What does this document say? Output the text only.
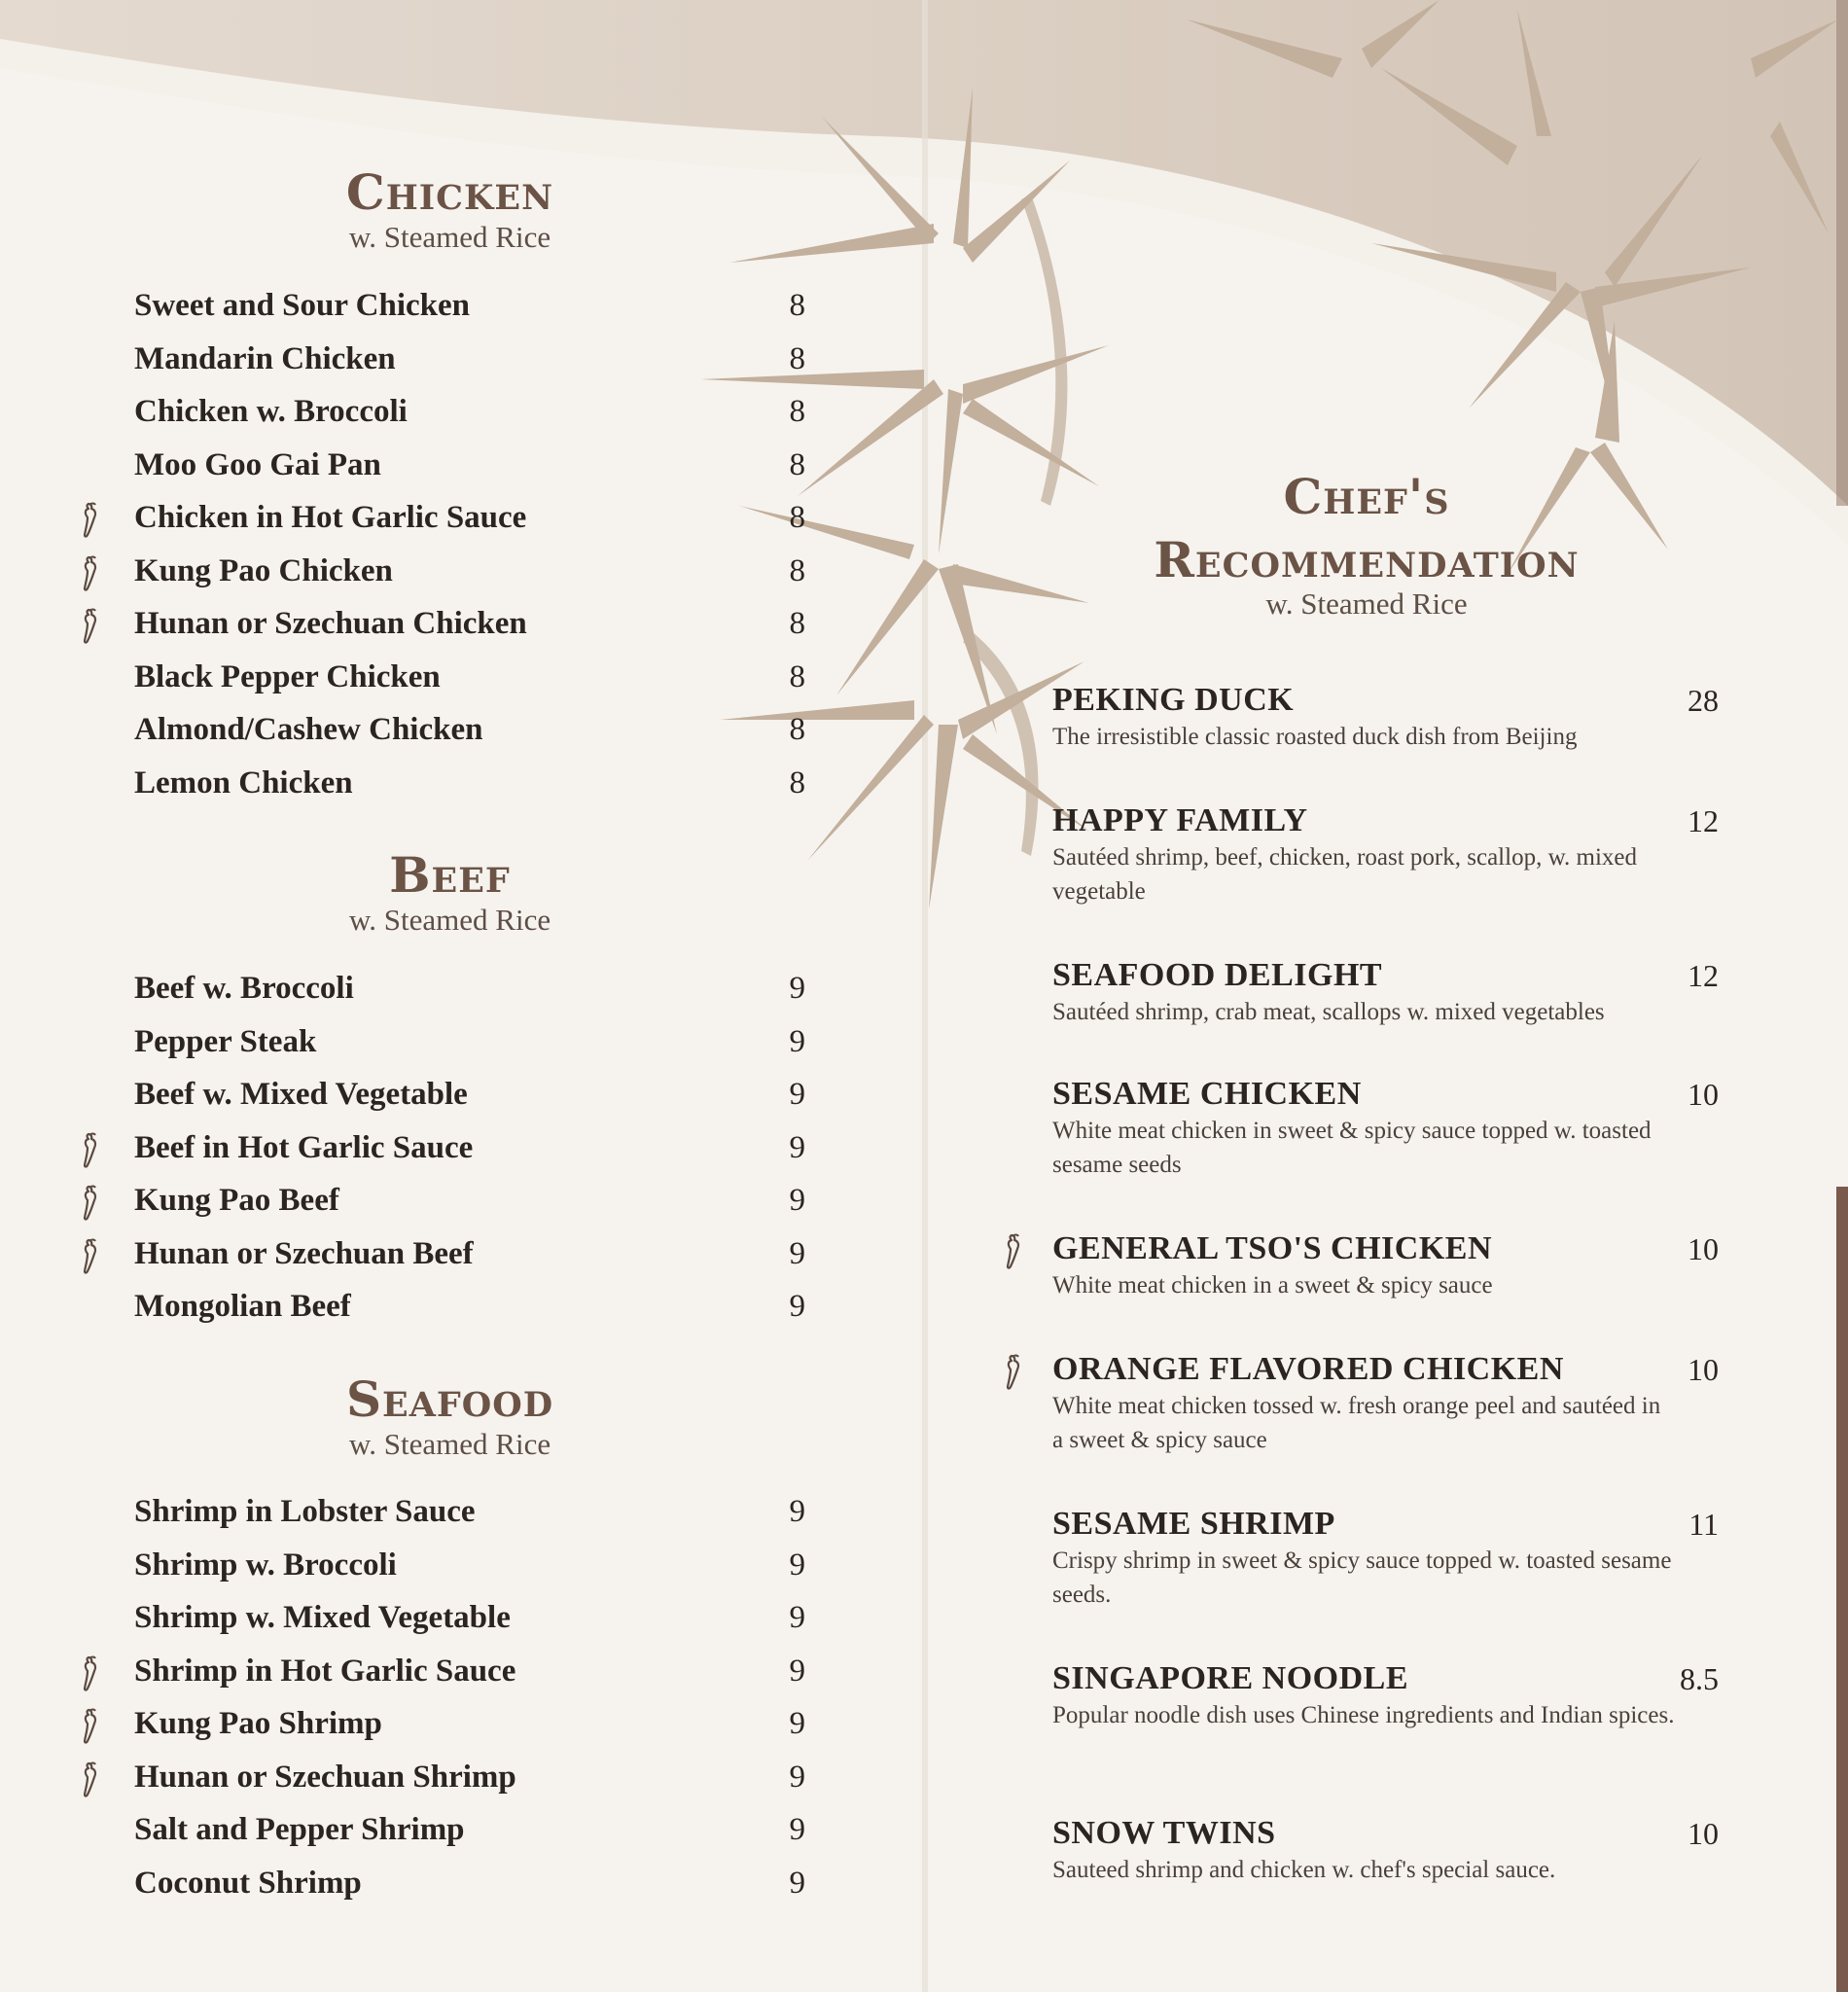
Chicken
w. Steamed Rice
Sweet and Sour Chicken	8
Mandarin Chicken	8
Chicken w. Broccoli	8
Moo Goo Gai Pan	8
Chicken in Hot Garlic Sauce	8
Kung Pao Chicken	8
Hunan or Szechuan Chicken	8
Black Pepper Chicken	8
Almond/Cashew Chicken	8
Lemon Chicken	8
Beef
w. Steamed Rice
Beef w. Broccoli	9
Pepper Steak	9
Beef w. Mixed Vegetable	9
Beef in Hot Garlic Sauce	9
Kung Pao Beef	9
Hunan or Szechuan Beef	9
Mongolian Beef	9
Seafood
w. Steamed Rice
Shrimp in Lobster Sauce	9
Shrimp w. Broccoli	9
Shrimp w. Mixed Vegetable	9
Shrimp in Hot Garlic Sauce	9
Kung Pao Shrimp	9
Hunan or Szechuan Shrimp	9
Salt and Pepper Shrimp	9
Coconut Shrimp	9
Chef's
Recommendation
w. Steamed Rice
PEKING DUCK	28
The irresistible classic roasted duck dish from Beijing
HAPPY FAMILY	12
Sautéed shrimp, beef, chicken, roast pork, scallop, w. mixed vegetable
SEAFOOD DELIGHT	12
Sautéed shrimp, crab meat, scallops w. mixed vegetables
SESAME CHICKEN	10
White meat chicken in sweet & spicy sauce topped w. toasted sesame seeds
GENERAL TSO'S CHICKEN	10
White meat chicken in a sweet & spicy sauce
ORANGE FLAVORED CHICKEN	10
White meat chicken tossed w. fresh orange peel and sautéed in a sweet & spicy sauce
SESAME SHRIMP	11
Crispy shrimp in sweet & spicy sauce topped w. toasted sesame seeds.
SINGAPORE NOODLE	8.5
Popular noodle dish uses Chinese ingredients and Indian spices.
SNOW TWINS	10
Sauteed shrimp and chicken w. chef's special sauce.
